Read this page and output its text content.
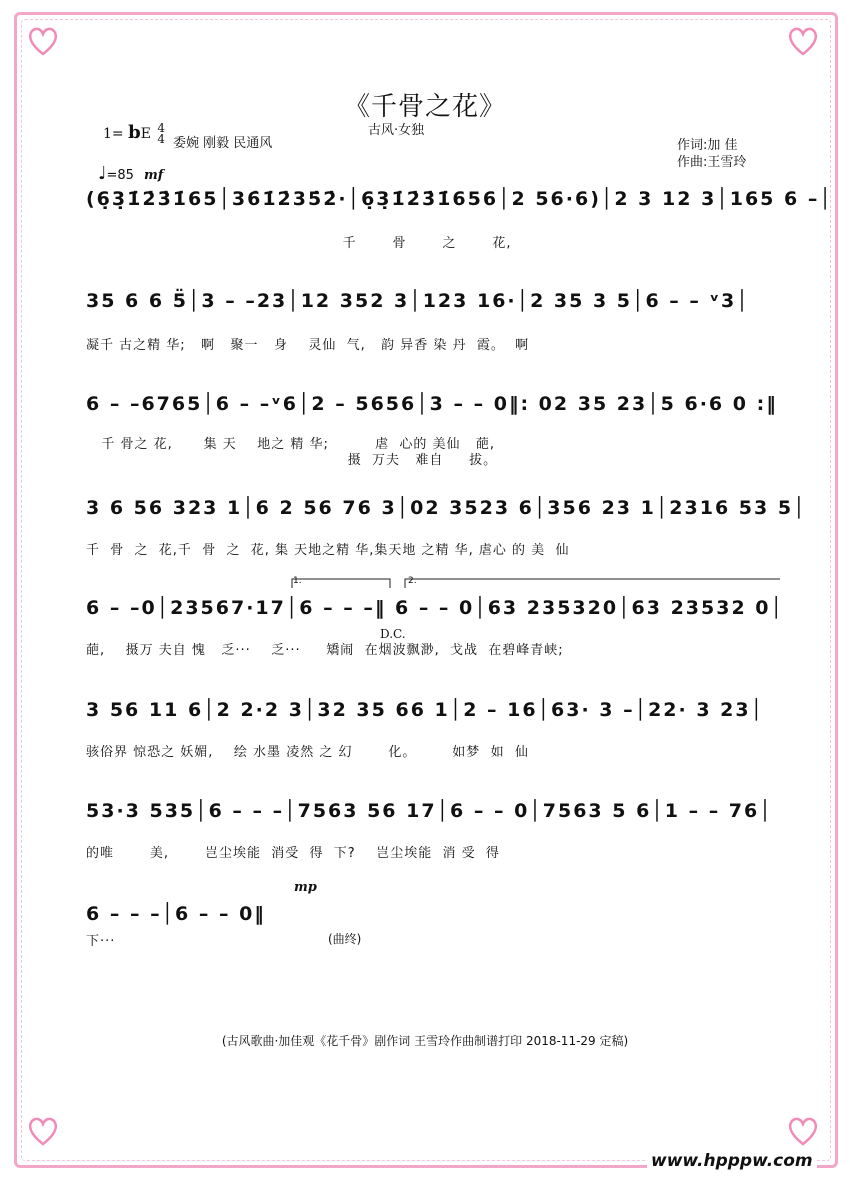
《千骨之花》
古风·女独
1= bE 4
4 委婉 刚毅 民通风
♩=85 mf
作词:加 佳
作曲:王雪玲
(6̣3̣1̇2̇3̇1̇65│36̇1̇2̇35̇2̇·│6̣3̣1̇2̇3̇1̇656│2 56·6)│2 3 12 3│165 6 –│
千       骨       之       花,
35 6 6 5̈│3 – –23│12 352 3│123 16·│2 35 3 5│6 – – ᵛ3│
凝千 古之精 华;   啊   聚一   身    灵仙  气,   韵 异香 染 丹  霞。  啊
6 – –6765│6 – –ᵛ6│2 – 5656│3 – – 0‖: 02 35 23│5 6·6 0 :‖
千 骨之 花,      集 天    地之 精 华;         虐  心的 美仙   葩,
摄  万夫   难自     拔。
3 6 56 323 1│6 2 56 76 3│02 3523 6│356 23 1│2316 53 5│
千  骨  之  花,千  骨  之  花, 集 天地之精 华,集天地 之精 华, 虐心 的 美  仙
6 – –0│23567·17│6 – – –‖ 6 – – 0│63 235320│63 23532 0│
葩,    摄万 夫自 愧   乏···    乏···     矯闹  在烟波飘渺,  戈战  在碧峰青峡;
3 56 11 6│2 2·2 3│32 35 66 1│2 – 16│63· 3 –│22· 3 23│
骇俗界 惊恐之 妖媚,    绘 水墨 凌然 之 幻       化。       如梦  如  仙
53·3 535│6 – – –│7563 56 17│6 – – 0│7563 5 6│1 – – 76│
的唯       美,       岂尘埃能  消受  得  下?    岂尘埃能  消 受  得
6 – – –│6 – – 0‖
下···
1.	2.
D.C.
mp
(曲终)
(古风歌曲·加佳观《花千骨》剧作词 王雪玲作曲制谱打印 2018-11-29 定稿)
www.hpppw.com
